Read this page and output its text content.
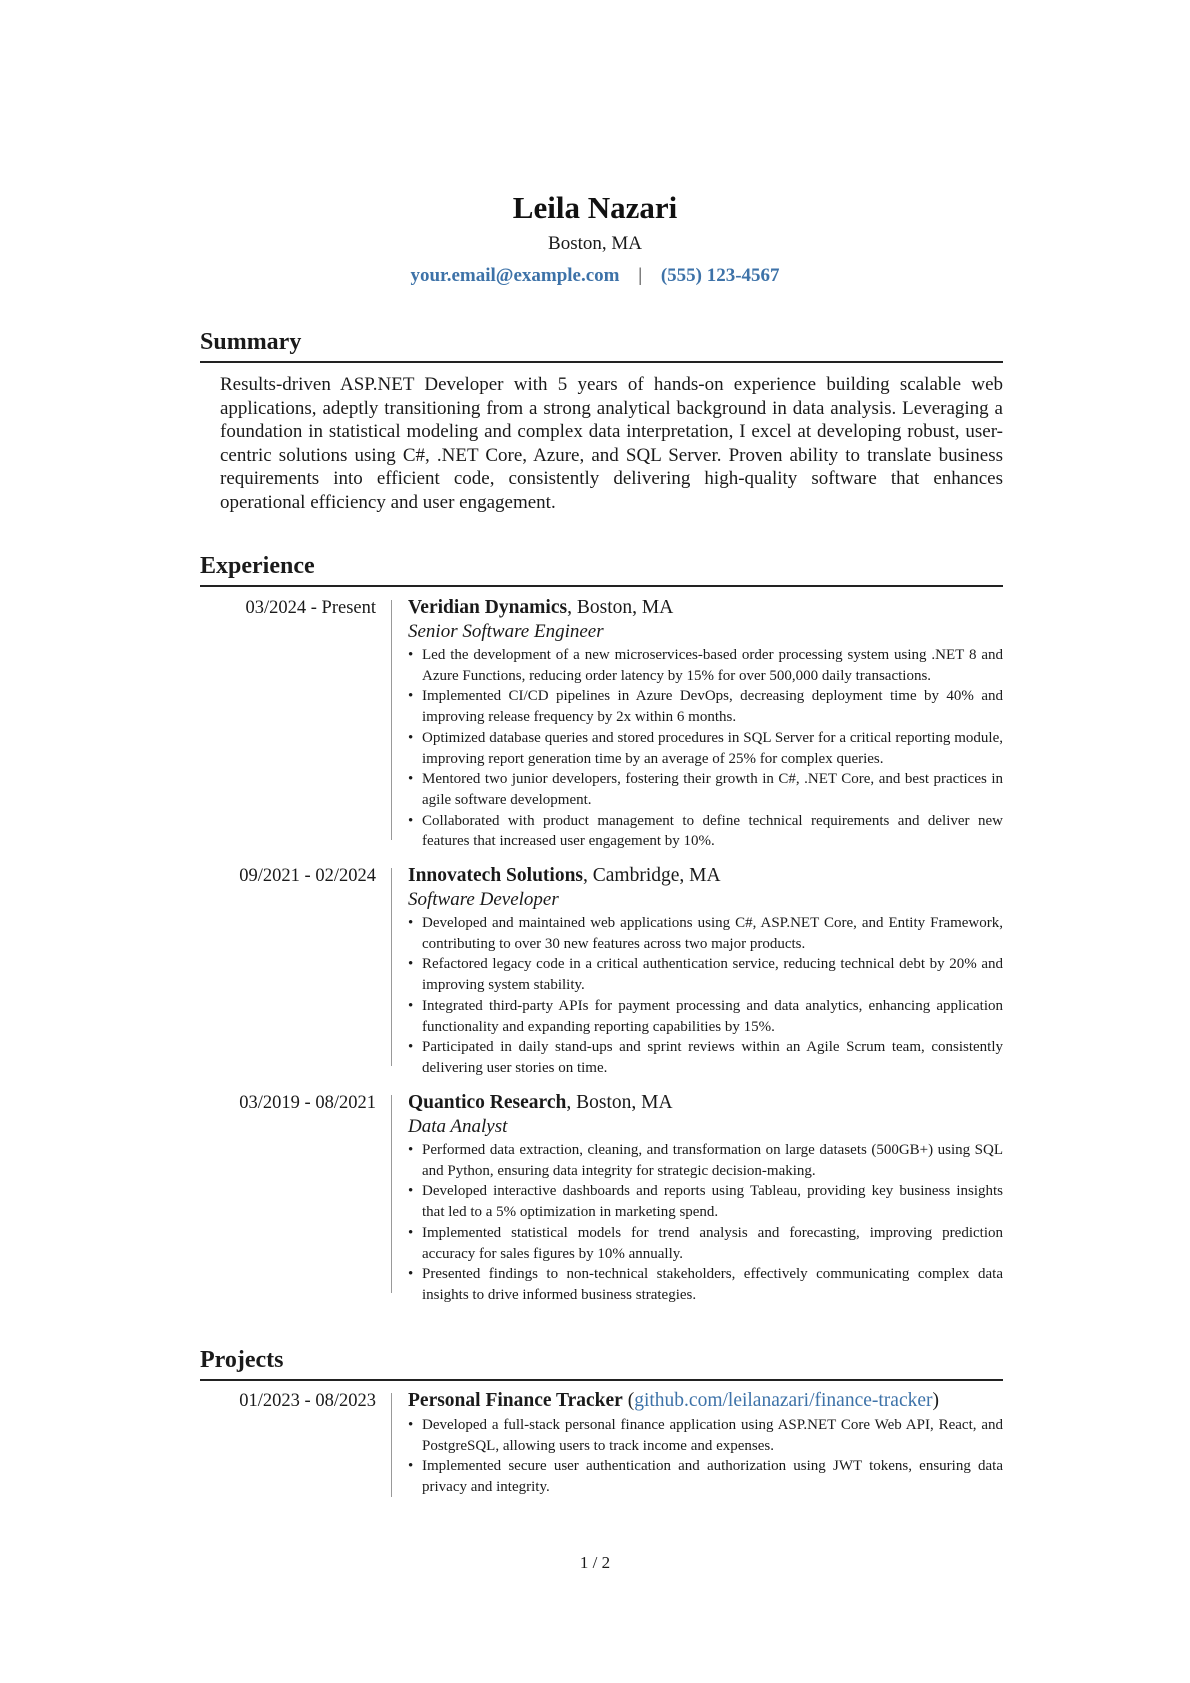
Leila Nazari
Boston, MA
your.email@example.com | (555) 123-4567
Summary
Results-driven ASP.NET Developer with 5 years of hands-on experience building scalable web applications, adeptly transitioning from a strong analytical background in data analysis. Leveraging a foundation in statistical modeling and complex data interpretation, I excel at developing robust, user-centric solutions using C#, .NET Core, Azure, and SQL Server. Proven ability to translate business requirements into efficient code, consistently delivering high-quality software that enhances operational efficiency and user engagement.
Experience
03/2024 - Present Veridian Dynamics, Boston, MA
Senior Software Engineer
• Led the development of a new microservices-based order processing system using .NET 8 and Azure Functions, reducing order latency by 15% for over 500,000 daily transactions.
• Implemented CI/CD pipelines in Azure DevOps, decreasing deployment time by 40% and improving release frequency by 2x within 6 months.
• Optimized database queries and stored procedures in SQL Server for a critical reporting module, improving report generation time by an average of 25% for complex queries.
• Mentored two junior developers, fostering their growth in C#, .NET Core, and best practices in agile software development.
• Collaborated with product management to define technical requirements and deliver new features that increased user engagement by 10%.
09/2021 - 02/2024 Innovatech Solutions, Cambridge, MA
Software Developer
• Developed and maintained web applications using C#, ASP.NET Core, and Entity Framework, contributing to over 30 new features across two major products.
• Refactored legacy code in a critical authentication service, reducing technical debt by 20% and improving system stability.
• Integrated third-party APIs for payment processing and data analytics, enhancing application functionality and expanding reporting capabilities by 15%.
• Participated in daily stand-ups and sprint reviews within an Agile Scrum team, consistently delivering user stories on time.
03/2019 - 08/2021 Quantico Research, Boston, MA
Data Analyst
• Performed data extraction, cleaning, and transformation on large datasets (500GB+) using SQL and Python, ensuring data integrity for strategic decision-making.
• Developed interactive dashboards and reports using Tableau, providing key business insights that led to a 5% optimization in marketing spend.
• Implemented statistical models for trend analysis and forecasting, improving prediction accuracy for sales figures by 10% annually.
• Presented findings to non-technical stakeholders, effectively communicating complex data insights to drive informed business strategies.
Projects
01/2023 - 08/2023 Personal Finance Tracker (github.com/leilanazari/finance-tracker)
• Developed a full-stack personal finance application using ASP.NET Core Web API, React, and PostgreSQL, allowing users to track income and expenses.
• Implemented secure user authentication and authorization using JWT tokens, ensuring data privacy and integrity.
1 / 2
